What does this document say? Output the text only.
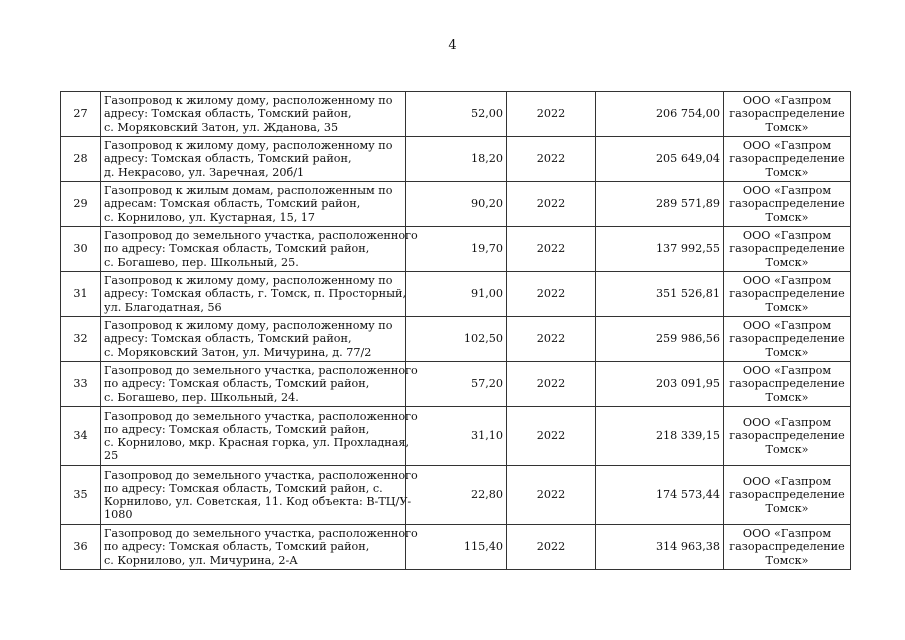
4
27	Газопровод к жилому дому, расположенному по
адресу: Томская область, Томский район,
с. Моряковский Затон, ул. Жданова, 35	52,00	2022	206 754,00	ООО «Газпром
газораспределение
Томск»

28	Газопровод к жилому дому, расположенному по
адресу: Томская область, Томский район,
д. Некрасово, ул. Заречная, 20б/1	18,20	2022	205 649,04	ООО «Газпром
газораспределение
Томск»

29	Газопровод к жилым домам, расположенным по
адресам: Томская область, Томский район,
с. Корнилово, ул. Кустарная, 15, 17	90,20	2022	289 571,89	ООО «Газпром
газораспределение
Томск»

30	Газопровод до земельного участка, расположенного
по адресу: Томская область, Томский район,
с. Богашево, пер. Школьный, 25.	19,70	2022	137 992,55	ООО «Газпром
газораспределение
Томск»

31	Газопровод к жилому дому, расположенному по
адресу: Томская область, г. Томск, п. Просторный,
ул. Благодатная, 56	91,00	2022	351 526,81	ООО «Газпром
газораспределение
Томск»

32	Газопровод к жилому дому, расположенному по
адресу: Томская область, Томский район,
с. Моряковский Затон, ул. Мичурина, д. 77/2	102,50	2022	259 986,56	ООО «Газпром
газораспределение
Томск»

33	Газопровод до земельного участка, расположенного
по адресу: Томская область, Томский район,
с. Богашево, пер. Школьный, 24.	57,20	2022	203 091,95	ООО «Газпром
газораспределение
Томск»

34	Газопровод до земельного участка, расположенного
по адресу: Томская область, Томский район,
с. Корнилово, мкр. Красная горка, ул. Прохладная,
25	31,10	2022	218 339,15	ООО «Газпром
газораспределение
Томск»

35	Газопровод до земельного участка, расположенного
по адресу: Томская область, Томский район, с.
Корнилово, ул. Советская, 11. Код объекта: В-ТЦ/У-
1080	22,80	2022	174 573,44	ООО «Газпром
газораспределение
Томск»

36	Газопровод до земельного участка, расположенного
по адресу: Томская область, Томский район,
с. Корнилово, ул. Мичурина, 2-А	115,40	2022	314 963,38	ООО «Газпром
газораспределение
Томск»
